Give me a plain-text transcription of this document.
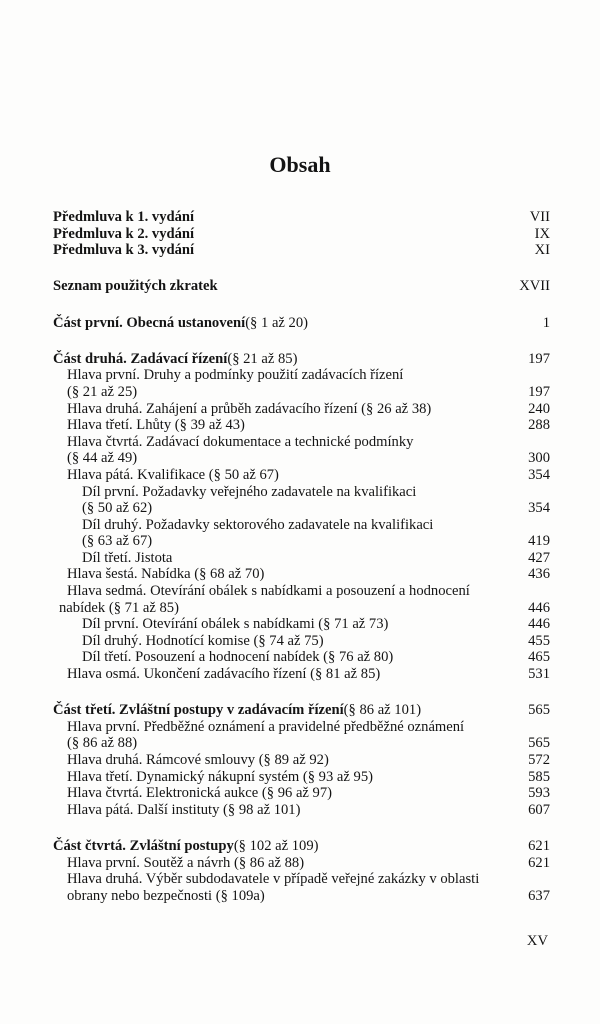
Obsah
Předmluva k 1. vydání	VII
Předmluva k 2. vydání	IX
Předmluva k 3. vydání	XI
Seznam použitých zkratek	XVII
Část první. Obecná ustanovení (§ 1 až 20)	1
Část druhá. Zadávací řízení (§ 21 až 85)	197
Hlava první. Druhy a podmínky použití zadávacích řízení
(§ 21 až 25)	197
Hlava druhá. Zahájení a průběh zadávacího řízení (§ 26 až 38)	240
Hlava třetí. Lhůty (§ 39 až 43)	288
Hlava čtvrtá. Zadávací dokumentace a technické podmínky
(§ 44 až 49)	300
Hlava pátá. Kvalifikace (§ 50 až 67)	354
Díl první. Požadavky veřejného zadavatele na kvalifikaci
(§ 50 až 62)	354
Díl druhý. Požadavky sektorového zadavatele na kvalifikaci
(§ 63 až 67)	419
Díl třetí. Jistota	427
Hlava šestá. Nabídka (§ 68 až 70)	436
Hlava sedmá. Otevírání obálek s nabídkami a posouzení a hodnocení
nabídek (§ 71 až 85)	446
Díl první. Otevírání obálek s nabídkami (§ 71 až 73)	446
Díl druhý. Hodnotící komise (§ 74 až 75)	455
Díl třetí. Posouzení a hodnocení nabídek (§ 76 až 80)	465
Hlava osmá. Ukončení zadávacího řízení (§ 81 až 85)	531
Část třetí. Zvláštní postupy v zadávacím řízení (§ 86 až 101)	565
Hlava první. Předběžné oznámení a pravidelné předběžné oznámení
(§ 86 až 88)	565
Hlava druhá. Rámcové smlouvy (§ 89 až 92)	572
Hlava třetí. Dynamický nákupní systém (§ 93 až 95)	585
Hlava čtvrtá. Elektronická aukce (§ 96 až 97)	593
Hlava pátá. Další instituty (§ 98 až 101)	607
Část čtvrtá. Zvláštní postupy (§ 102 až 109)	621
Hlava první. Soutěž a návrh (§ 86 až 88)	621
Hlava druhá. Výběr subdodavatele v případě veřejné zakázky v oblasti
obrany nebo bezpečnosti (§ 109a)	637
XV
